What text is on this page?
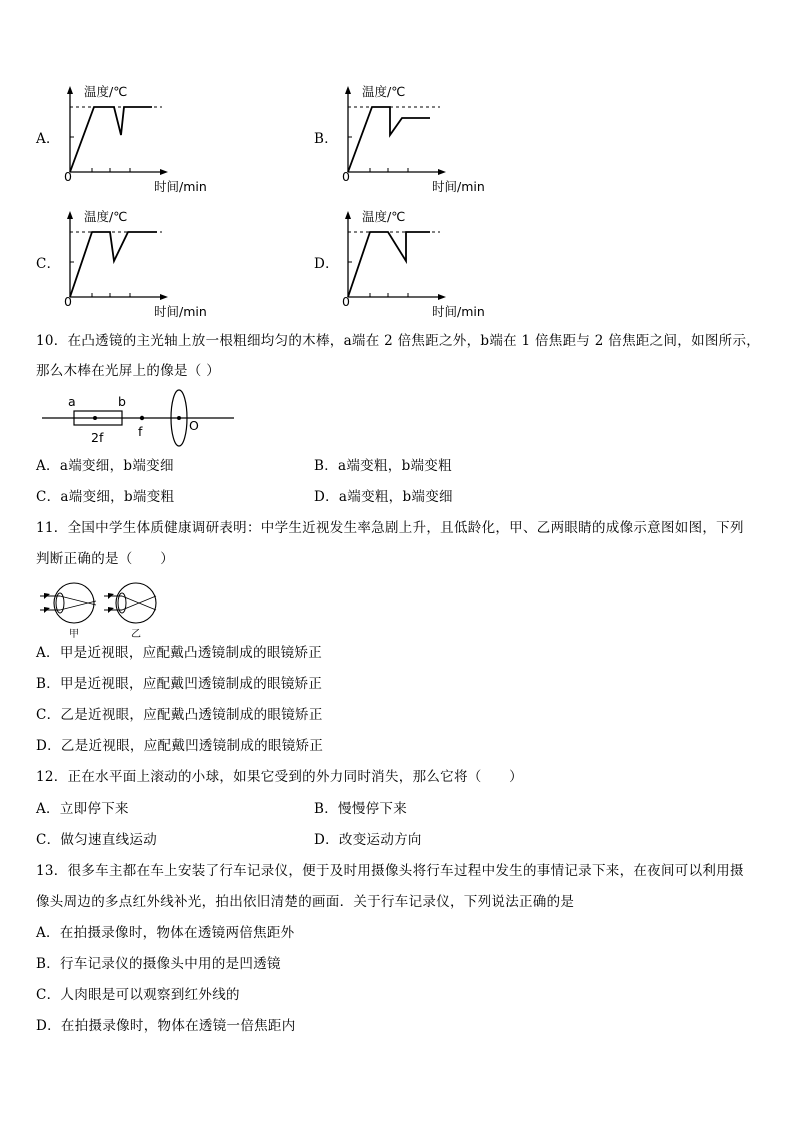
A．
温度/℃
时间/min
0
B．
温度/℃
时间/min
0
C．
温度/℃
时间/min
0
D．
温度/℃
时间/min
0
10．在凸透镜的主光轴上放一根粗细均匀的木棒，a端在 2 倍焦距之外，b端在 1 倍焦距与 2 倍焦距之间，如图所示，
那么木棒在光屏上的像是（ ）
a	b
2f	f	O
A．a端变细，b端变细	B．a端变粗，b端变粗
C．a端变细，b端变粗	D．a端变粗，b端变细
11．全国中学生体质健康调研表明：中学生近视发生率急剧上升，且低龄化，甲、乙两眼睛的成像示意图如图，下列
判断正确的是（　　）
甲	乙
A．甲是近视眼，应配戴凸透镜制成的眼镜矫正
B．甲是近视眼，应配戴凹透镜制成的眼镜矫正
C．乙是近视眼，应配戴凸透镜制成的眼镜矫正
D．乙是近视眼，应配戴凹透镜制成的眼镜矫正
12．正在水平面上滚动的小球，如果它受到的外力同时消失，那么它将（　　）
A．立即停下来	B．慢慢停下来
C．做匀速直线运动	D．改变运动方向
13．很多车主都在车上安装了行车记录仪，便于及时用摄像头将行车过程中发生的事情记录下来，在夜间可以利用摄
像头周边的多点红外线补光，拍出依旧清楚的画面．关于行车记录仪，下列说法正确的是
A．在拍摄录像时，物体在透镜两倍焦距外
B．行车记录仪的摄像头中用的是凹透镜
C．人肉眼是可以观察到红外线的
D．在拍摄录像时，物体在透镜一倍焦距内
